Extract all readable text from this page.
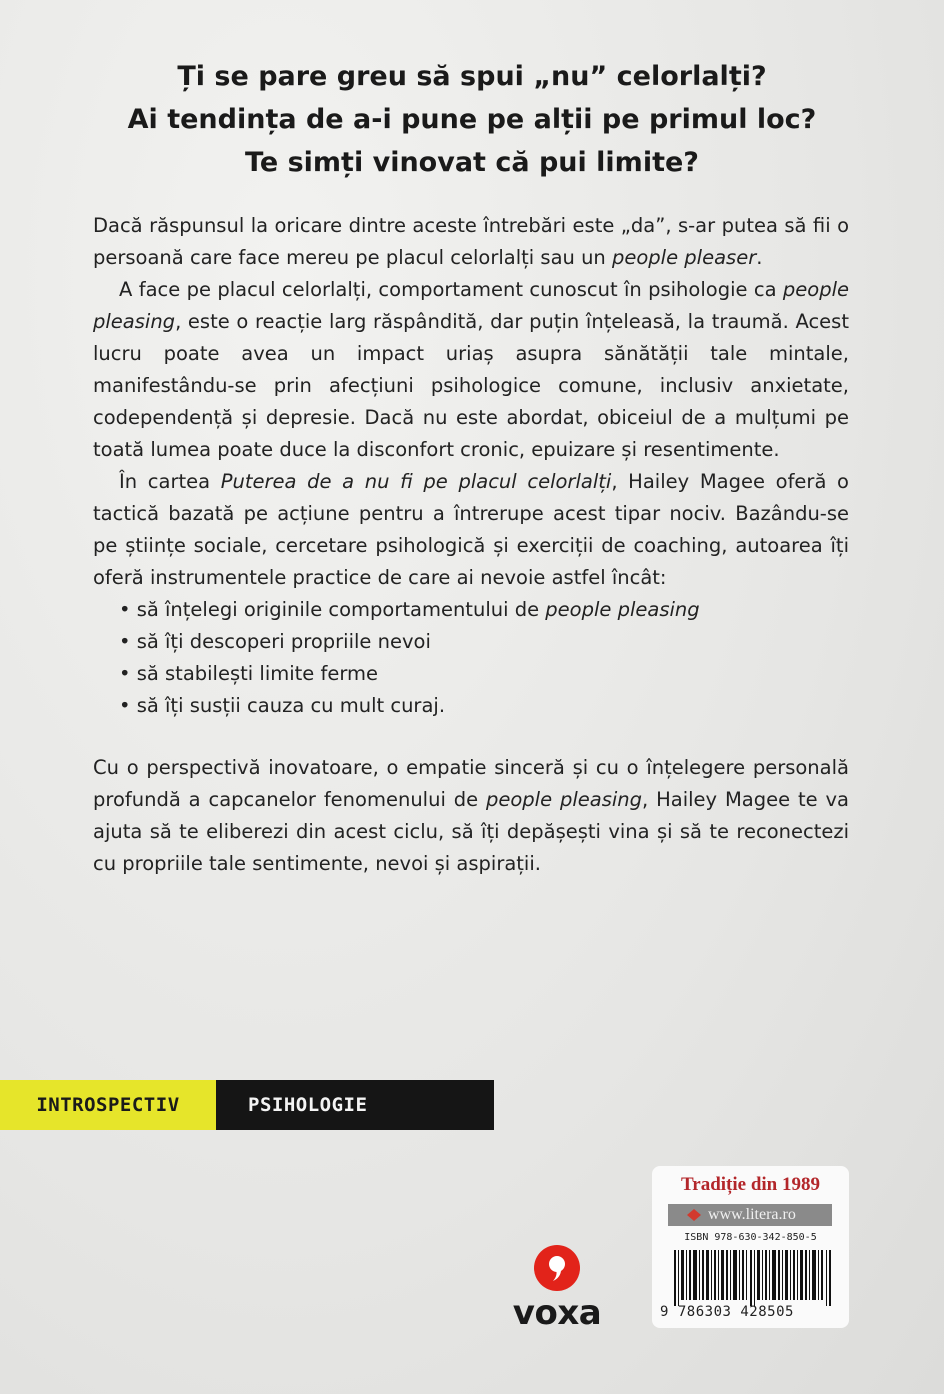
Ți se pare greu să spui „nu” celorlalți?
Ai tendința de a-i pune pe alții pe primul loc?
Te simți vinovat că pui limite?

Dacă răspunsul la oricare dintre aceste întrebări este „da”, s-ar putea să fii o persoană care face mereu pe placul celorlalți sau un people pleaser.

A face pe placul celorlalți, comportament cunoscut în psihologie ca people pleasing, este o reacție larg răspândită, dar puțin înțeleasă, la traumă. Acest lucru poate avea un impact uriaș asupra sănătății tale mintale, manifestându-se prin afecțiuni psihologice comune, inclusiv anxietate, codependență și depresie. Dacă nu este abordat, obiceiul de a mulțumi pe toată lumea poate duce la disconfort cronic, epuizare și resentimente.

În cartea Puterea de a nu fi pe placul celorlalți, Hailey Magee oferă o tactică bazată pe acțiune pentru a întrerupe acest tipar nociv. Bazându-se pe științe sociale, cercetare psihologică și exerciții de coaching, autoarea îți oferă instrumentele practice de care ai nevoie astfel încât:

• să înțelegi originile comportamentului de people pleasing
• să îți descoperi propriile nevoi
• să stabilești limite ferme
• să îți susții cauza cu mult curaj.

Cu o perspectivă inovatoare, o empatie sinceră și cu o înțelegere personală profundă a capcanelor fenomenului de people pleasing, Hailey Magee te va ajuta să te eliberezi din acest ciclu, să îți depășești vina și să te reconectezi cu propriile tale sentimente, nevoi și aspirații.

INTROSPECTIV	PSIHOLOGIE
voxa
Tradiție din 1989
www.litera.ro
ISBN 978-630-342-850-5
9 786303 428505
